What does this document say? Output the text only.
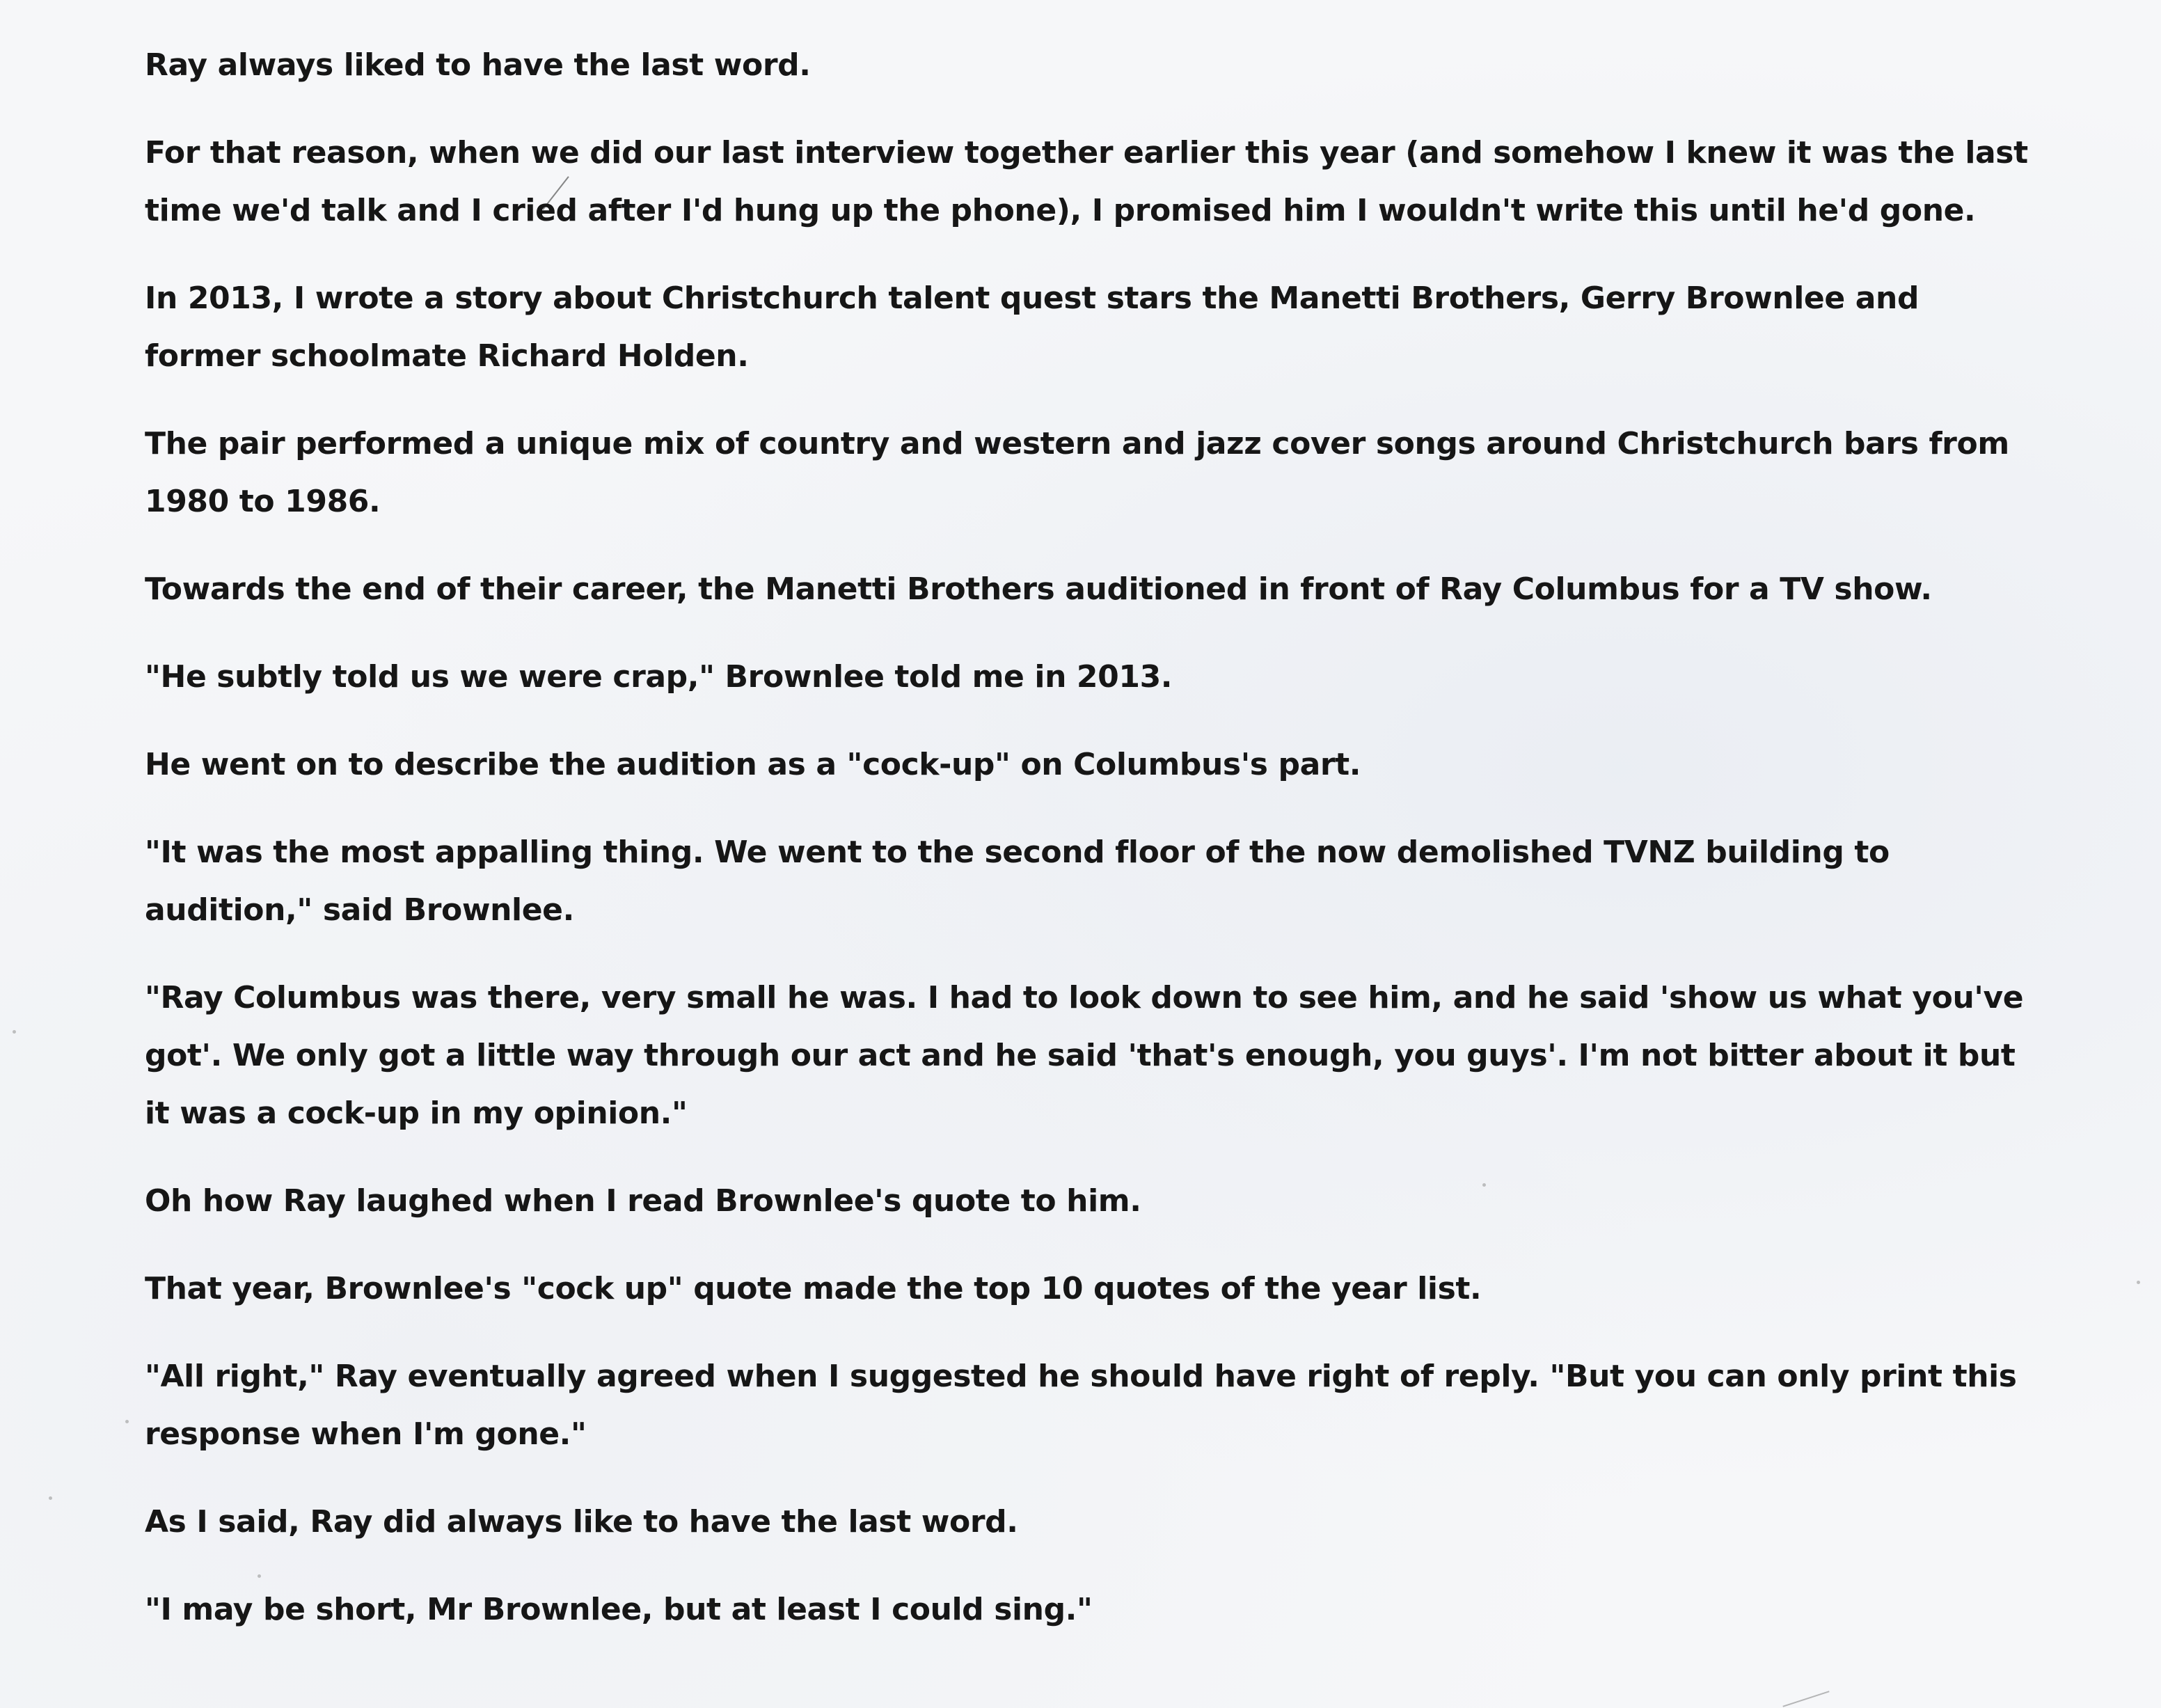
Ray always liked to have the last word.

For that reason, when we did our last interview together earlier this year (and somehow I knew it was the last time we'd talk and I cried after I'd hung up the phone), I promised him I wouldn't write this until he'd gone.

In 2013, I wrote a story about Christchurch talent quest stars the Manetti Brothers, Gerry Brownlee and former schoolmate Richard Holden.

The pair performed a unique mix of country and western and jazz cover songs around Christchurch bars from 1980 to 1986.

Towards the end of their career, the Manetti Brothers auditioned in front of Ray Columbus for a TV show.

"He subtly told us we were crap," Brownlee told me in 2013.

He went on to describe the audition as a "cock-up" on Columbus's part.

"It was the most appalling thing. We went to the second floor of the now demolished TVNZ building to audition," said Brownlee.

"Ray Columbus was there, very small he was. I had to look down to see him, and he said 'show us what you've got'. We only got a little way through our act and he said 'that's enough, you guys'. I'm not bitter about it but it was a cock-up in my opinion."

Oh how Ray laughed when I read Brownlee's quote to him.

That year, Brownlee's "cock up" quote made the top 10 quotes of the year list.

"All right," Ray eventually agreed when I suggested he should have right of reply. "But you can only print this response when I'm gone."

As I said, Ray did always like to have the last word.

"I may be short, Mr Brownlee, but at least I could sing."
